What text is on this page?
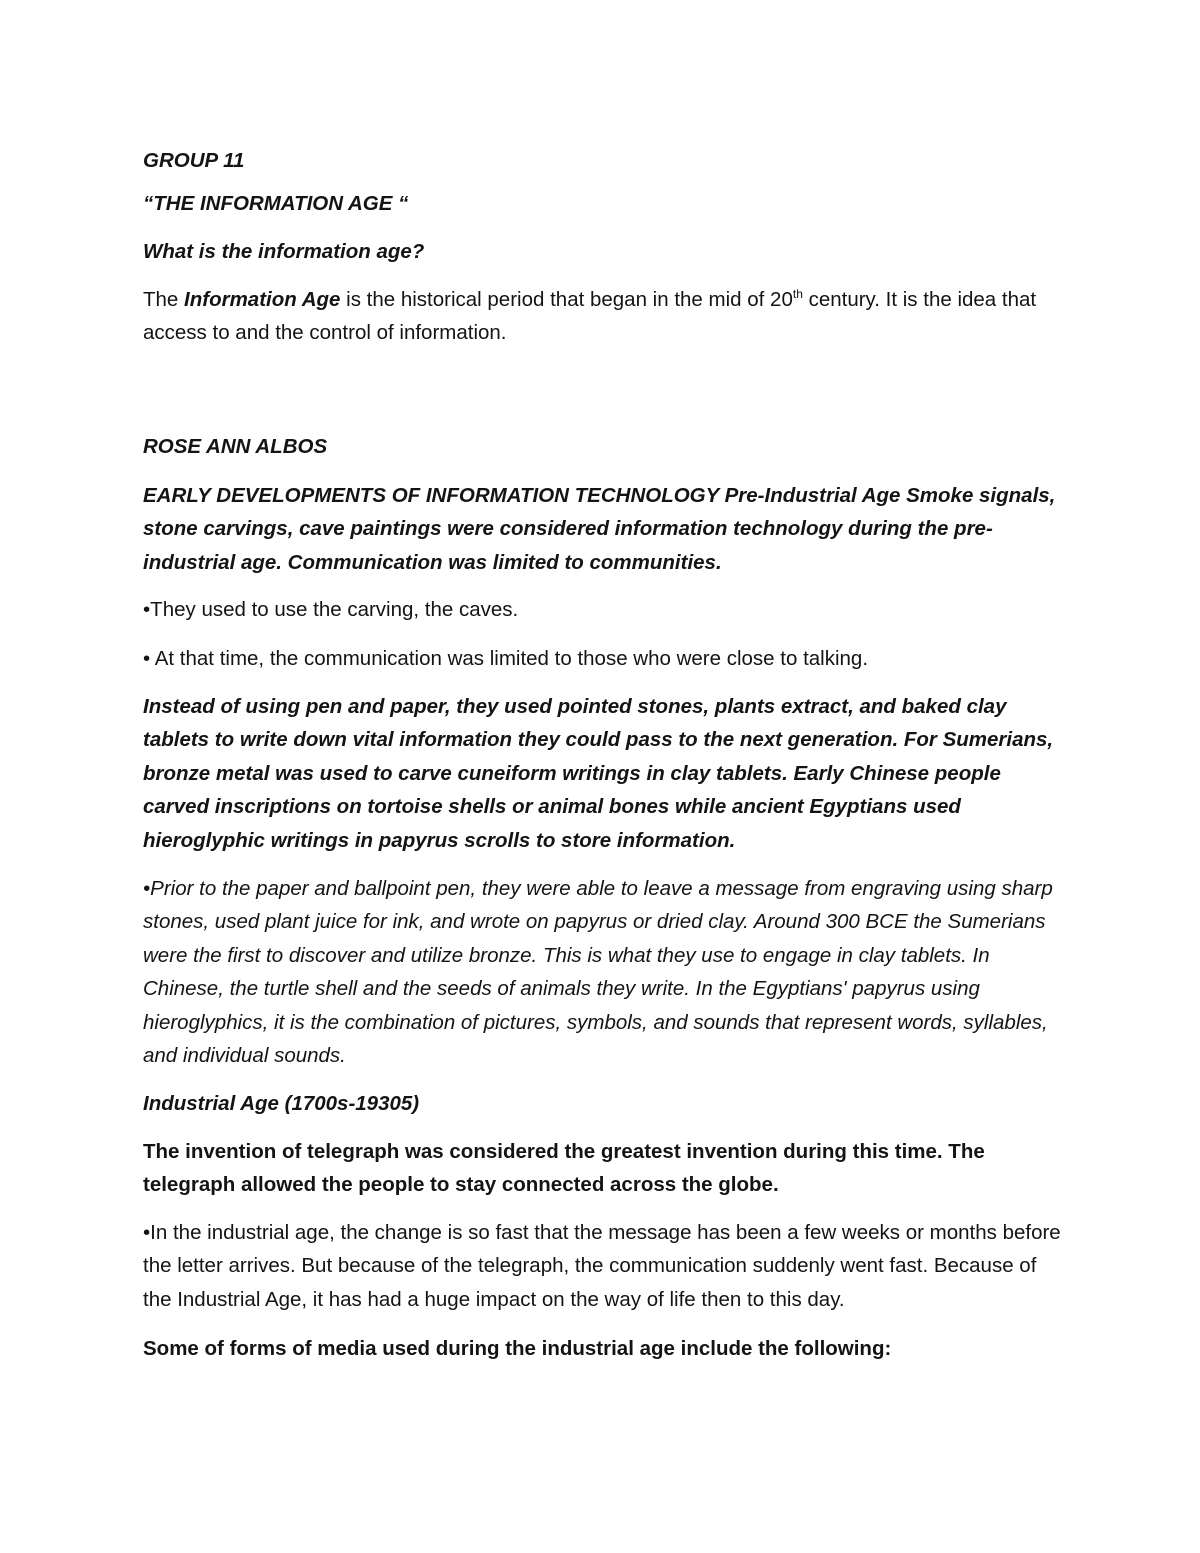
GROUP 11

“THE INFORMATION AGE “

What is the information age?

The Information Age is the historical period that began in the mid of 20th century. It is the idea that access to and the control of information.

ROSE ANN ALBOS

EARLY DEVELOPMENTS OF INFORMATION TECHNOLOGY Pre-Industrial Age Smoke signals, stone carvings, cave paintings were considered information technology during the pre-industrial age. Communication was limited to communities.

•They used to use the carving, the caves.

• At that time, the communication was limited to those who were close to talking.

Instead of using pen and paper, they used pointed stones, plants extract, and baked clay tablets to write down vital information they could pass to the next generation. For Sumerians, bronze metal was used to carve cuneiform writings in clay tablets. Early Chinese people carved inscriptions on tortoise shells or animal bones while ancient Egyptians used hieroglyphic writings in papyrus scrolls to store information.

•Prior to the paper and ballpoint pen, they were able to leave a message from engraving using sharp stones, used plant juice for ink, and wrote on papyrus or dried clay. Around 300 BCE the Sumerians were the first to discover and utilize bronze. This is what they use to engage in clay tablets. In Chinese, the turtle shell and the seeds of animals they write. In the Egyptians' papyrus using hieroglyphics, it is the combination of pictures, symbols, and sounds that represent words, syllables, and individual sounds.

Industrial Age (1700s-19305)

The invention of telegraph was considered the greatest invention during this time. The telegraph allowed the people to stay connected across the globe.

•In the industrial age, the change is so fast that the message has been a few weeks or months before the letter arrives. But because of the telegraph, the communication suddenly went fast. Because of the Industrial Age, it has had a huge impact on the way of life then to this day.

Some of forms of media used during the industrial age include the following:
